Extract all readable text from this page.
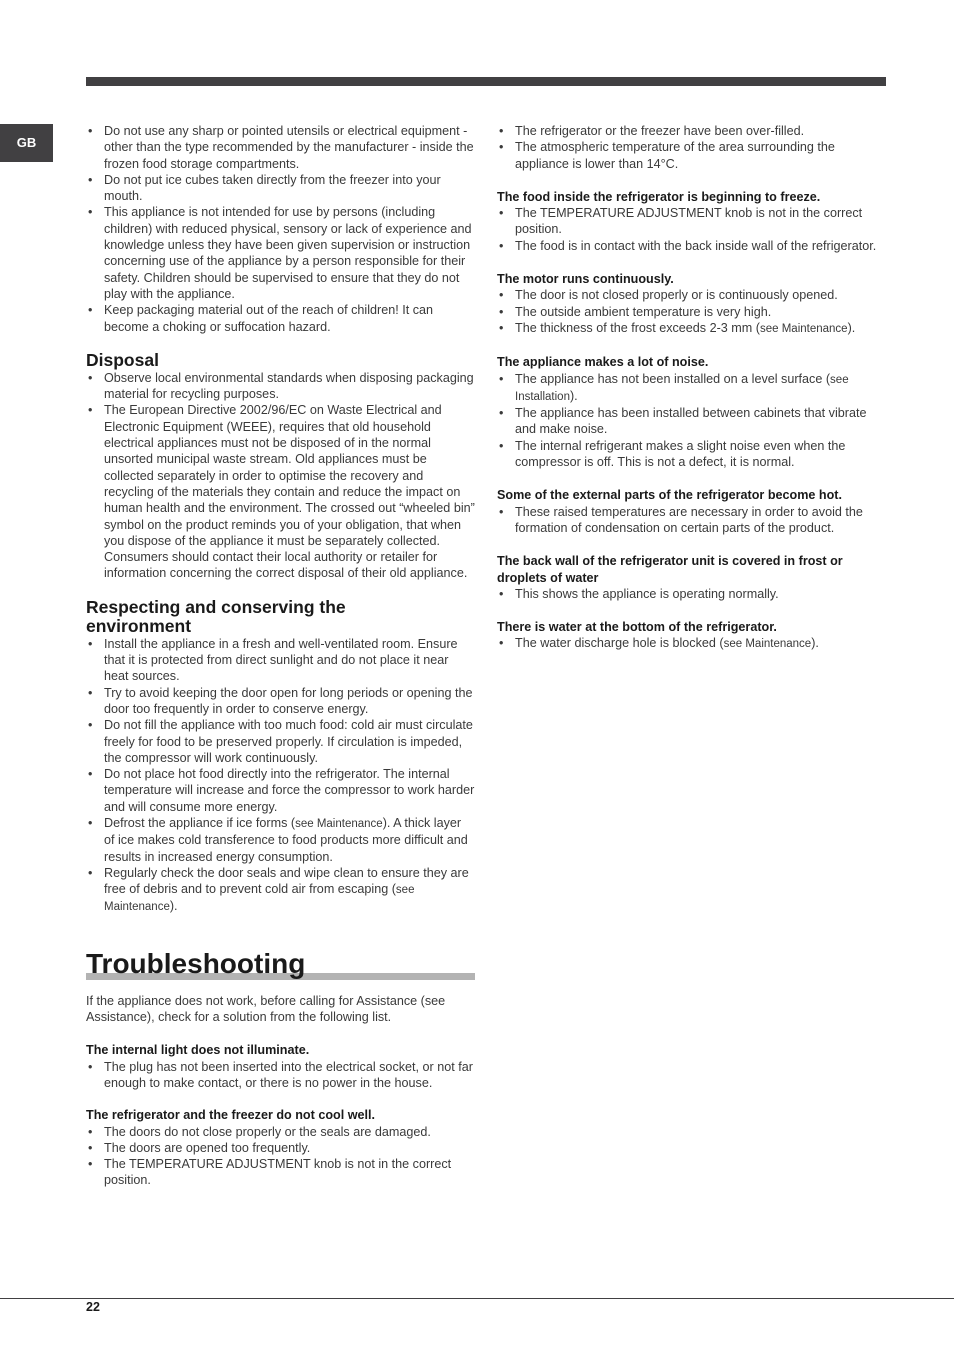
GB
• Do not use any sharp or pointed utensils or electrical equipment - other than the type recommended by the manufacturer - inside the frozen food storage compartments.
• Do not put ice cubes taken directly from the freezer into your mouth.
• This appliance is not intended for use by persons (including children) with reduced physical, sensory or lack of experience and knowledge unless they have been given supervision or instruction concerning use of the appliance by a person responsible for their safety. Children should be supervised to ensure that they do not play with the appliance.
• Keep packaging material out of the reach of children! It can become a choking or suffocation hazard.
Disposal
• Observe local environmental standards when disposing packaging material for recycling purposes.
• The European Directive 2002/96/EC on Waste Electrical and Electronic Equipment (WEEE), requires that old household electrical appliances must not be disposed of in the normal unsorted municipal waste stream. Old appliances must be collected separately in order to optimise the recovery and recycling of the materials they contain and reduce the impact on human health and the environment. The crossed out “wheeled bin” symbol on the product reminds you of your obligation, that when you dispose of the appliance it must be separately collected. Consumers should contact their local authority or retailer for information concerning the correct disposal of their old appliance.
Respecting and conserving the environment
• Install the appliance in a fresh and well-ventilated room. Ensure that it is protected from direct sunlight and do not place it near heat sources.
• Try to avoid keeping the door open for long periods or opening the door too frequently in order to conserve energy.
• Do not fill the appliance with too much food: cold air must circulate freely for food to be preserved properly. If circulation is impeded, the compressor will work continuously.
• Do not place hot food directly into the refrigerator. The internal temperature will increase and force the compressor to work harder and will consume more energy.
• Defrost the appliance if ice forms (see Maintenance). A thick layer of ice makes cold transference to food products more difficult and results in increased energy consumption.
• Regularly check the door seals and wipe clean to ensure they are free of debris and to prevent cold air from escaping (see Maintenance).
Troubleshooting

If the appliance does not work, before calling for Assistance (see Assistance), check for a solution from the following list.

The internal light does not illuminate.
• The plug has not been inserted into the electrical socket, or not far enough to make contact, or there is no power in the house.
The refrigerator and the freezer do not cool well.
• The doors do not close properly or the seals are damaged.
• The doors are opened too frequently.
• The TEMPERATURE ADJUSTMENT knob is not in the correct position.
• The refrigerator or the freezer have been over-filled.
• The atmospheric temperature of the area surrounding the appliance is lower than 14°C.
The food inside the refrigerator is beginning to freeze.
• The TEMPERATURE ADJUSTMENT knob is not in the correct position.
• The food is in contact with the back inside wall of the refrigerator.
The motor runs continuously.
• The door is not closed properly or is continuously opened.
• The outside ambient temperature is very high.
• The thickness of the frost exceeds 2-3 mm (see Maintenance).
The appliance makes a lot of noise.
• The appliance has not been installed on a level surface (see Installation).
• The appliance has been installed between cabinets that vibrate and make noise.
• The internal refrigerant makes a slight noise even when the compressor is off. This is not a defect, it is normal.
Some of the external parts of the refrigerator become hot.
• These raised temperatures are necessary in order to avoid the formation of condensation on certain parts of the product.
The back wall of the refrigerator unit is covered in frost or droplets of water
• This shows the appliance is operating normally.
There is water at the bottom of the refrigerator.
• The water discharge hole is blocked (see Maintenance).
22
